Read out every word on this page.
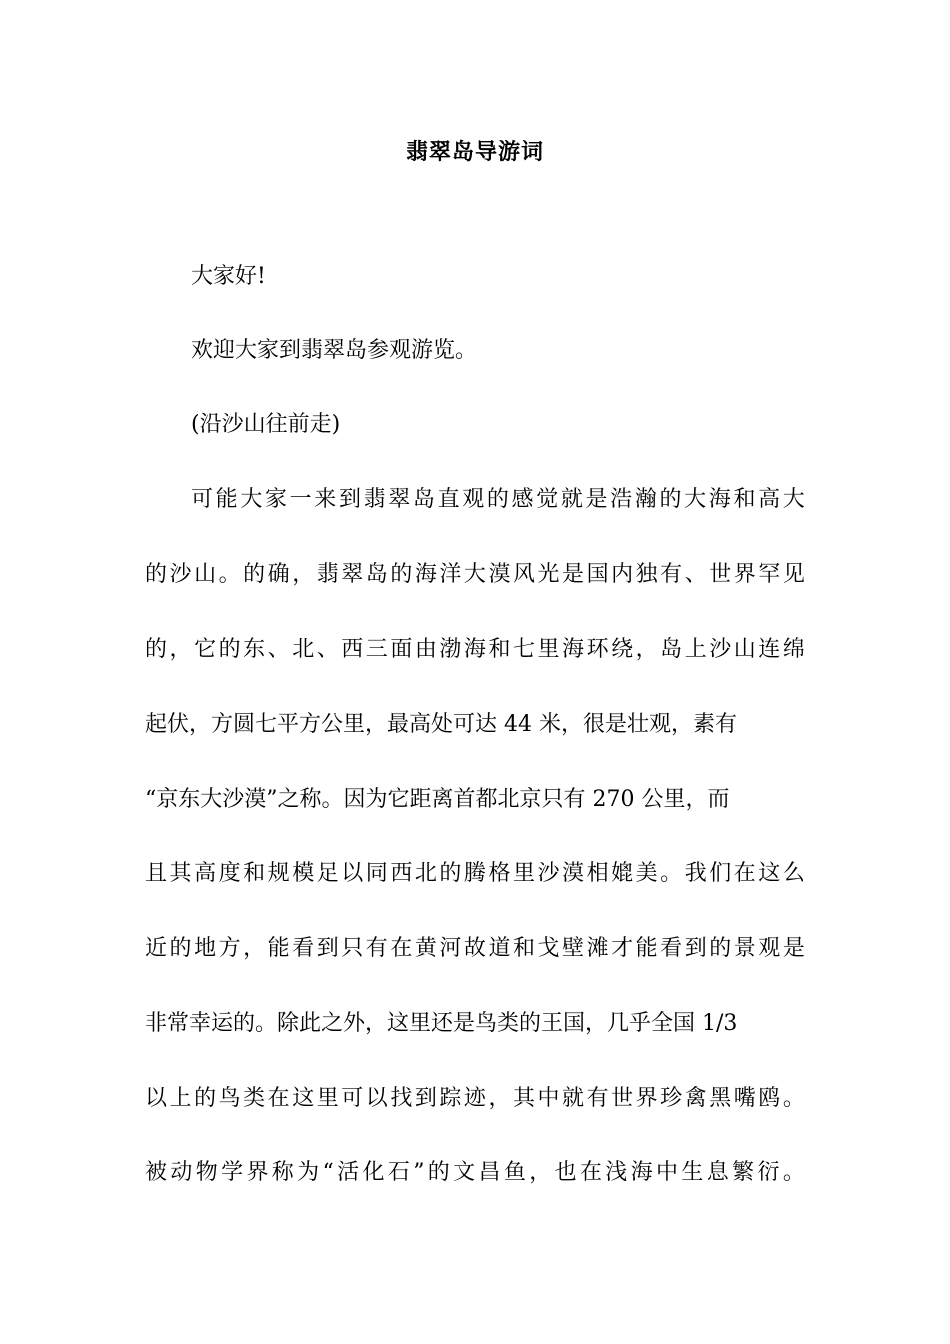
翡翠岛导游词
大家好!
欢迎大家到翡翠岛参观游览。
(沿沙山往前走)
可 能 大 家 一 来 到 翡 翠 岛 直 观 的 感 觉 就 是 浩 瀚 的 大 海 和 高 大
的 沙 山 。 的 确 ， 翡 翠 岛 的 海 洋 大 漠 风 光 是 国 内 独 有 、 世 界 罕 见
的 ， 它 的 东 、 北 、 西 三 面 由 渤 海 和 七 里 海 环 绕 ， 岛 上 沙 山 连 绵
起伏，方圆七平方公里，最高处可达 44 米，很是壮观，素有
“京东大沙漠”之称。因为它距离首都北京只有 270 公里，而
且 其 高 度 和 规 模 足 以 同 西 北 的 腾 格 里 沙 漠 相 媲 美 。 我 们 在 这 么
近 的 地 方 ， 能 看 到 只 有 在 黄 河 故 道 和 戈 壁 滩 才 能 看 到 的 景 观 是
非常幸运的。除此之外，这里还是鸟类的王国，几乎全国 1/3
以 上 的 鸟 类 在 这 里 可 以 找 到 踪 迹 ， 其 中 就 有 世 界 珍 禽 黑 嘴 鸥 。
被 动 物 学 界 称 为 “ 活 化 石 ” 的 文 昌 鱼 ， 也 在 浅 海 中 生 息 繁 衍 。
